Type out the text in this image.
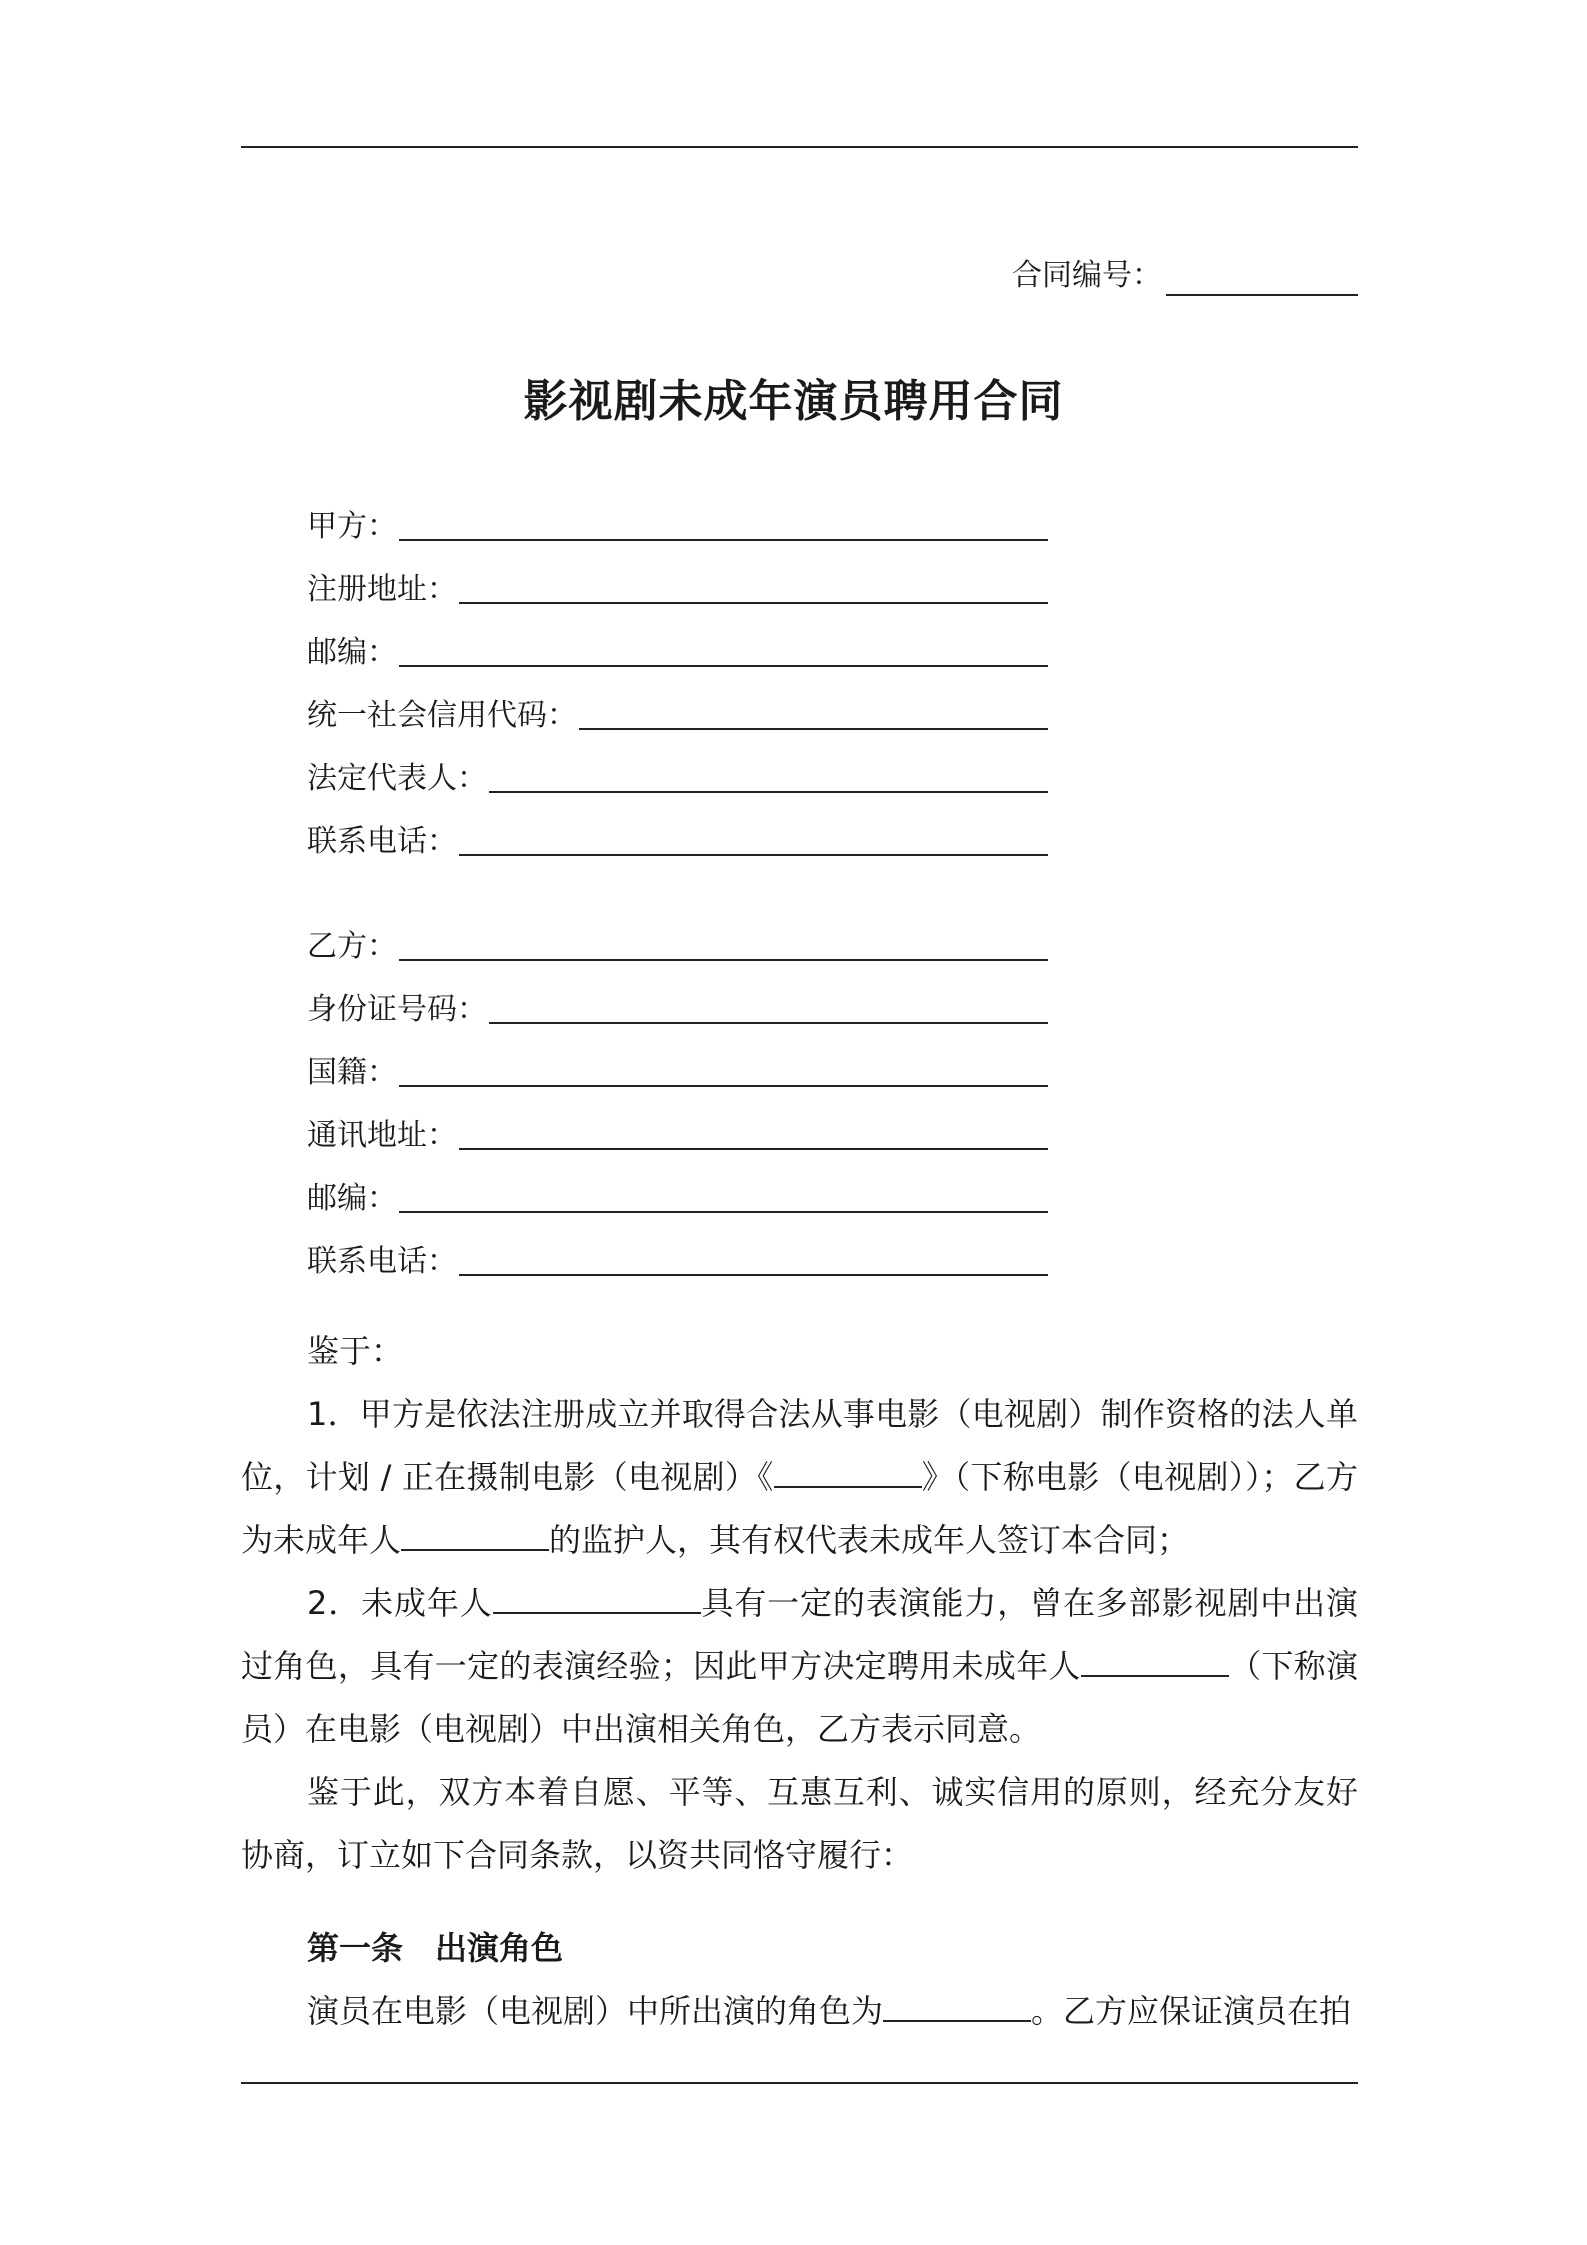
合同编号：
影视剧未成年演员聘用合同
甲方：
注册地址：
邮编：
统一社会信用代码：
法定代表人：
联系电话：
乙方：
身份证号码：
国籍：
通讯地址：
邮编：
联系电话：

鉴于：

1．甲方是依法注册成立并取得合法从事电影（电视剧）制作资格的法人单位，计划 / 正在摄制电影（电视剧）《	》（下称电影（电视剧））；乙方为未成年人	的监护人，其有权代表未成年人签订本合同；

2．未成年人	具有一定的表演能力，曾在多部影视剧中出演过角色，具有一定的表演经验；因此甲方决定聘用未成年人	（下称演员）在电影（电视剧）中出演相关角色，乙方表示同意。

鉴于此，双方本着自愿、平等、互惠互利、诚实信用的原则，经充分友好协商，订立如下合同条款，以资共同恪守履行：

第一条　出演角色

演员在电影（电视剧）中所出演的角色为	。乙方应保证演员在拍
